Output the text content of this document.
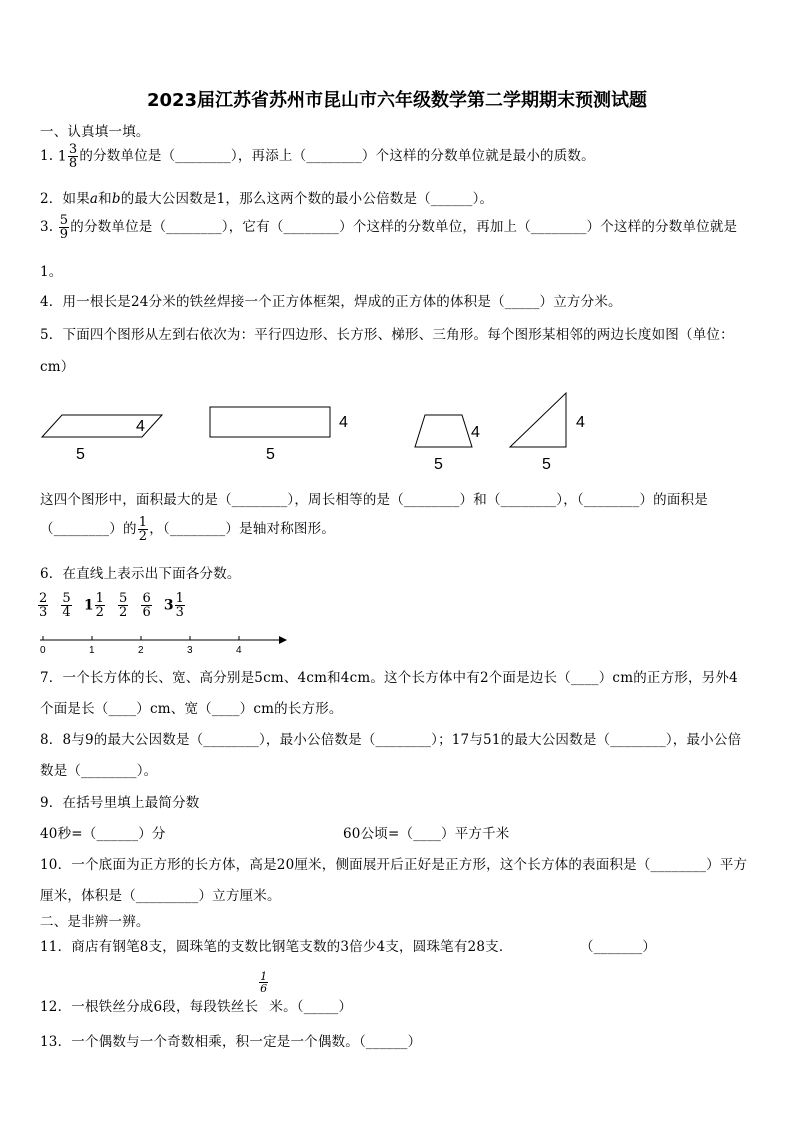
2023届江苏省苏州市昆山市六年级数学第二学期期末预测试题
一、认真填一填。
1. $1 \frac{3}{8}$ 的分数单位是（________），再添上（________）个这样的分数单位就是最小的质数。
2．如果a和b的最大公因数是1，那么这两个数的最小公倍数是（______）。
3. $\frac{5}{9}$ 的分数单位是（________），它有（________）个这样的分数单位，再加上（________）个这样的分数单位就是
1。
4．用一根长是24分米的铁丝焊接一个正方体框架，焊成的正方体的体积是（_____）立方分米。
5．下面四个图形从左到右依次为：平行四边形、长方形、梯形、三角形。每个图形某相邻的两边长度如图（单位：
cm）
4
5
4
5
4
5
4
5
这四个图形中，面积最大的是（________），周长相等的是（________）和（________），（________）的面积是
（________）的 $\frac{1}{2}$ ，（________）是轴对称图形。
6．在直线上表示出下面各分数。
$\frac{2}{3}$
$\frac{5}{4} 1 \frac{1}{2}$
$\frac{5}{2}$
$\frac{6}{6} 3 \frac{1}{3}$
0	1	2	3	4
7．一个长方体的长、宽、高分别是5cm、4cm和4cm。这个长方体中有2个面是边长（____）cm的正方形，另外4
个面是长（____）cm、宽（____）cm的长方形。
8．8与9的最大公因数是（________），最小公倍数是（________）；17与51的最大公因数是（________），最小公倍
数是（________）。
9．在括号里填上最简分数
40秒=（______）分	60公顷=（____）平方千米
10．一个底面为正方形的长方体，高是20厘米，侧面展开后正好是正方形，这个长方体的表面积是（________）平方
厘米，体积是（_________）立方厘米。
二、是非辨一辨。
11．商店有钢笔8支，圆珠笔的支数比钢笔支数的3倍少4支，圆珠笔有28支．	（_______）
12．一根铁丝分成6段，每段铁丝长
$\frac{1}{6}$
米。（_____）
13．一个偶数与一个奇数相乘，积一定是一个偶数。（______）
